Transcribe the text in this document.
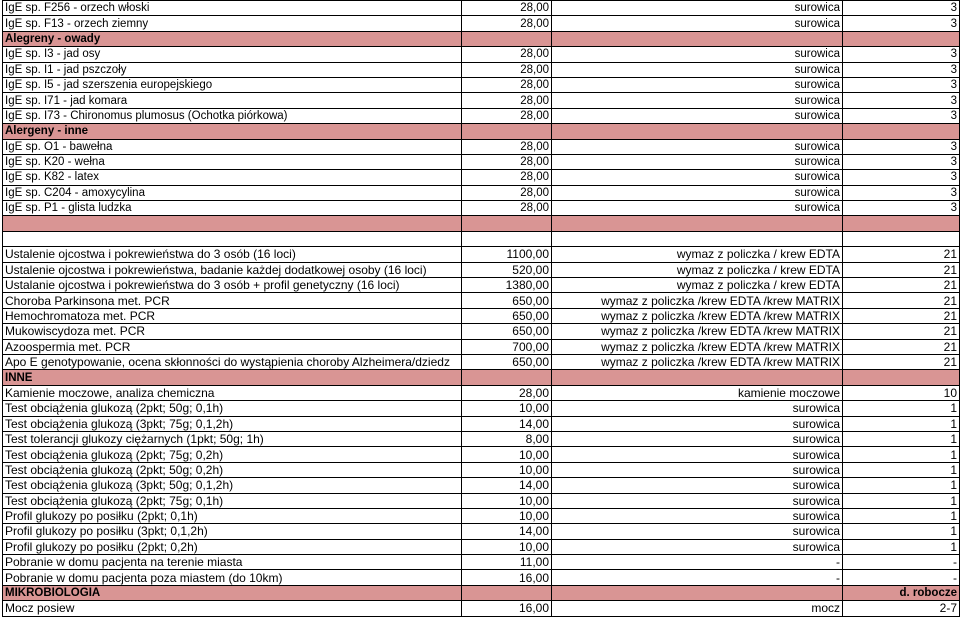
IgE sp. F256 - orzech włoski	28,00	surowica	3
IgE sp. F13 - orzech ziemny	28,00	surowica	3
Alegreny - owady			
IgE sp. I3 - jad osy	28,00	surowica	3
IgE sp. I1 - jad pszczoły	28,00	surowica	3
IgE sp. I5 - jad szerszenia europejskiego	28,00	surowica	3
IgE sp. I71 - jad komara	28,00	surowica	3
IgE sp. I73 - Chironomus plumosus (Ochotka piórkowa)	28,00	surowica	3
Alergeny - inne			
IgE sp. O1 - bawełna	28,00	surowica	3
IgE sp. K20 - wełna	28,00	surowica	3
IgE sp. K82 - latex	28,00	surowica	3
IgE sp. C204 - amoxycylina	28,00	surowica	3
IgE sp. P1 - glista ludzka	28,00	surowica	3

Ustalenie ojcostwa i pokrewieństwa do 3 osób (16 loci)	1100,00	wymaz z policzka / krew EDTA	21
Ustalenie ojcostwa i pokrewieństwa, badanie każdej dodatkowej osoby (16 loci)	520,00	wymaz z policzka / krew EDTA	21
Ustalanie ojcostwa i pokrewieństwa do 3 osób + profil genetyczny (16 loci)	1380,00	wymaz z policzka / krew EDTA	21
Choroba Parkinsona met. PCR	650,00	wymaz z policzka /krew EDTA /krew MATRIX	21
Hemochromatoza met. PCR	650,00	wymaz z policzka /krew EDTA /krew MATRIX	21
Mukowiscydoza met. PCR	650,00	wymaz z policzka /krew EDTA /krew MATRIX	21
Azoospermia met. PCR	700,00	wymaz z policzka /krew EDTA /krew MATRIX	21
Apo E genotypowanie, ocena skłonności do wystąpienia choroby Alzheimera/dziedz	650,00	wymaz z policzka /krew EDTA /krew MATRIX	21
INNE			
Kamienie moczowe, analiza chemiczna	28,00	kamienie moczowe	10
Test obciążenia glukozą (2pkt; 50g; 0,1h)	10,00	surowica	1
Test obciążenia glukozą (3pkt; 75g; 0,1,2h)	14,00	surowica	1
Test tolerancji glukozy ciężarnych (1pkt; 50g; 1h)	8,00	surowica	1
Test obciążenia glukozą (2pkt; 75g; 0,2h)	10,00	surowica	1
Test obciążenia glukozą (2pkt; 50g; 0,2h)	10,00	surowica	1
Test obciążenia glukozą (3pkt; 50g; 0,1,2h)	14,00	surowica	1
Test obciążenia glukozą (2pkt; 75g; 0,1h)	10,00	surowica	1
Profil glukozy po posiłku (2pkt; 0,1h)	10,00	surowica	1
Profil glukozy po posiłku (3pkt; 0,1,2h)	14,00	surowica	1
Profil glukozy po posiłku (2pkt; 0,2h)	10,00	surowica	1
Pobranie w domu pacjenta na terenie miasta	11,00	-	-
Pobranie w domu pacjenta poza miastem (do 10km)	16,00	-	-
MIKROBIOLOGIA			d. robocze
Mocz posiew	16,00	mocz	2-7
